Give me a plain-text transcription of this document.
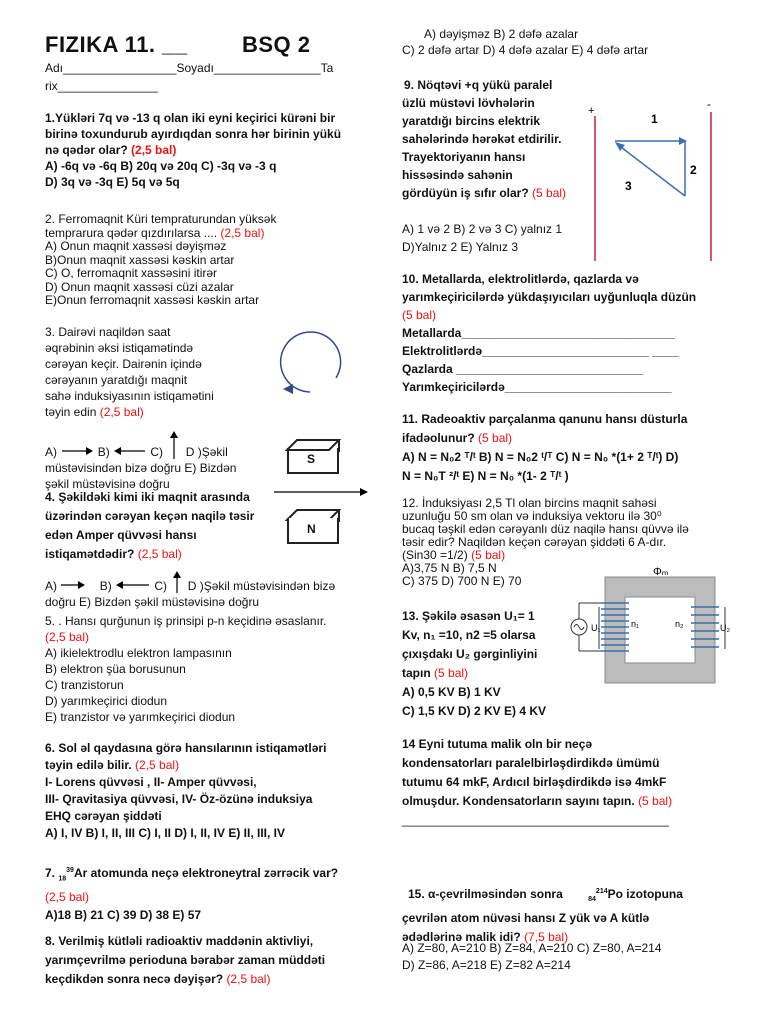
FIZIKA 11. __ BSQ 2
Adı_________________Soyadı________________Ta
rix_______________
1.Yükləri 7q və -13 q olan iki eyni keçirici kürəni bir
birinə toxundurub ayırdıqdan sonra hər birinin yükü
nə qədər olar? (2,5 bal)
A) -6q və -6q B) 20q və 20q C) -3q və -3 q
D) 3q və -3q E) 5q və 5q
2. Ferromaqnit Küri tempraturundan yüksək
temprarura qədər qızdırılarsa .... (2,5 bal)
A) Onun maqnit xassəsi dəyişməz
B)Onun maqnit xassəsi kəskin artar
C) O, ferromaqnit xassəsini itirər
D) Onun maqnit xassəsi cüzi azalar
E)Onun ferromaqnit xassəsi kəskin artar
3. Dairəvi naqildən saat
əqrəbinin əksi istiqamətində
cərəyan keçir. Dairənin içində
cərəyanın yaratdığı maqnit
sahə induksiyasının istiqamətini
təyin edin (2,5 bal)
A)	B)	C) D )Şəkil
müstəvisindən bizə doğru E) Bizdən
şəkil müstəvisinə doğru
4. Şəkildəki kimi iki maqnit arasında
üzərindən cərəyan keçən naqilə təsir
edən Amper qüvvəsi hansı
istiqamətdədir? (2,5 bal)
S
N
A)	B)	C) D )Şəkil müstəvisindən bizə
doğru E) Bizdən şəkil müstəvisinə doğru
5. . Hansı qurğunun iş prinsipi p-n keçidinə əsaslanır.
(2,5 bal)
A) ikielektrodlu elektron lampasının
B) elektron şüa borusunun
C) tranzistorun
D) yarımkeçirici diodun
E) tranzistor və yarımkeçirici diodun
6. Sol əl qaydasına görə hansılarının istiqamətləri
təyin edilə bilir. (2,5 bal)
I- Lorens qüvvəsi , II- Amper qüvvəsi,
III- Qravitasiya qüvvəsi, IV- Öz-özünə induksiya
EHQ cərəyan şiddəti
A) I, IV B) I, II, III C) I, II D) I, II, IV E) II, III, IV
7. $_{18}^{39}$Ar atomunda neçə elektroneytral zərrəcik var?
(2,5 bal)
A)18 B) 21 C) 39 D) 38 E) 57
8. Verilmiş kütləli radioaktiv maddənin aktivliyi,
yarımçevrilmə perioduna bərabər zaman müddəti
keçdikdən sonra necə dəyişər? (2,5 bal)
A) dəyişməz B) 2 dəfə azalar
C) 2 dəfə artar D) 4 dəfə azalar E) 4 dəfə artar
9. Nöqtəvi +q yükü paralel
üzlü müstəvi lövhələrin
yaratdığı bircins elektrik
sahələrində hərəkət etdirilir.
Trayektoriyanın hansı
hissəsində sahənin
gördüyün iş sıfır olar? (5 bal)
+	-
1
2
3
A) 1 və 2 B) 2 və 3 C) yalnız 1
D)Yalnız 2 E) Yalnız 3
10. Metallarda, elektrolitlərdə, qazlarda və
yarımkeçiricilərdə yükdaşıyıcıları uyğunluqla düzün
(5 bal)
Metallarda________________________________
Elektrolitlərdə_________________________ ____
Qazlarda ____________________________
Yarımkeçiricilərdə_________________________
11. Radeoaktiv parçalanma qanunu hansı düsturla
ifadəolunur? (5 bal)
A) N = N₀2 ᵀ/ᵗ B) N = N₀2 ᵗ/ᵀ C) N = N₀ *(1+ 2 ᵀ/ᵗ) D)
N = N₀T ²/ᵗ E) N = N₀ *(1- 2 ᵀ/ᵗ )
12. İnduksiyası 2,5 Tl olan bircins maqnit sahəsi
uzunluğu 50 sm olan və induksiya vektoru ilə 30⁰
bucaq təşkil edən cərəyanlı düz naqilə hansı qüvvə ilə
təsir edir? Naqildən keçən cərəyan şiddəti 6 A-dır.
(Sin30 =1/2) (5 bal)
A)3,75 N B) 7,5 N
C) 375 D) 700 N E) 70
13. Şəkilə əsasən U₁= 1
Kv, n₁ =10, n2 =5 olarsa
çıxışdakı U₂ gərginliyini
tapın (5 bal)
A) 0,5 KV B) 1 KV
C) 1,5 KV D) 2 KV E) 4 KV
Φₘ
U₁	n₁	n₂	U₂
14 Eyni tutuma malik oln bir neçə
kondensatorları paralelbirləşdirdikdə ümümü
tutumu 64 mkF, Ardıcıl birləşdirdikdə isə 4mkF
olmuşdur. Kondensatorların sayını tapın. (5 bal)
________________________________________
15. α-çevrilməsindən sonra	$_{84}^{214}$Po izotopuna
çevrilən atom nüvəsi hansı Z yük və A kütlə
ədədlərinə malik idi? (7,5 bal)
A) Z=80, A=210 B) Z=84, A=210 C) Z=80, A=214
D) Z=86, A=218 E) Z=82 A=214
